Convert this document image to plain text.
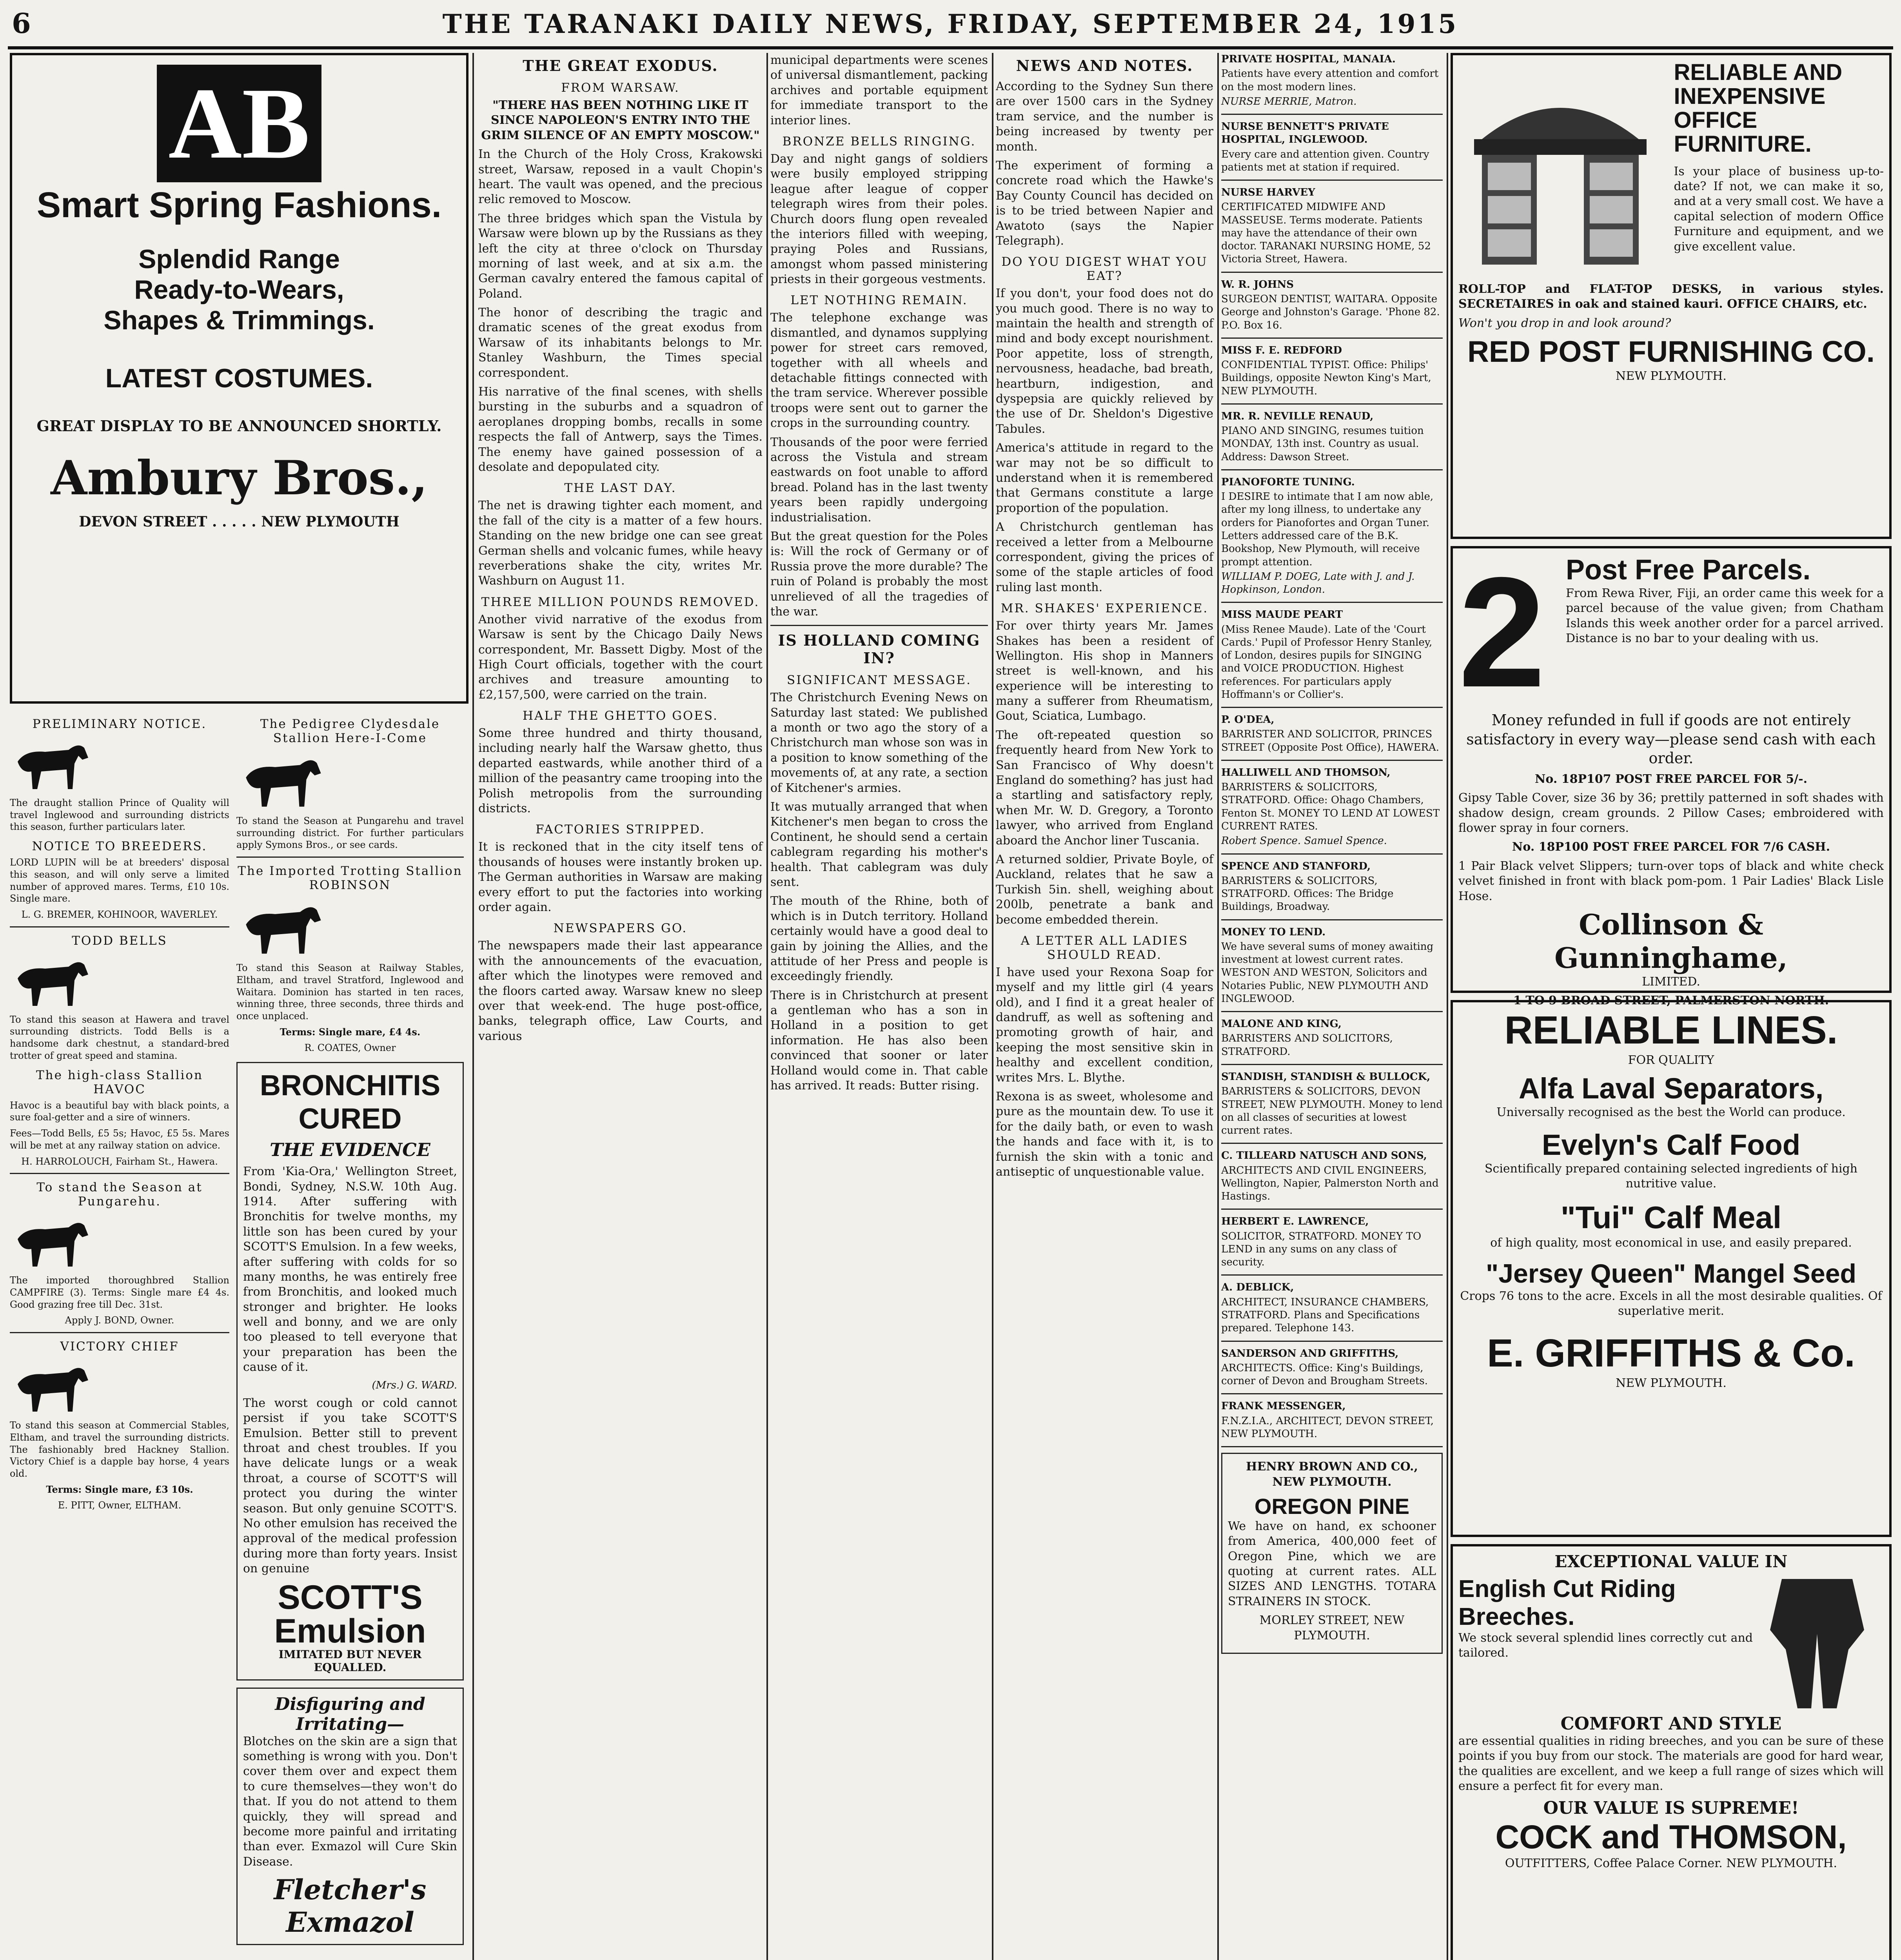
6	THE TARANAKI DAILY NEWS, FRIDAY, SEPTEMBER 24, 1915
AB
Smart Spring Fashions.
Splendid Range
Ready-to-Wears,
Shapes & Trimmings.
LATEST COSTUMES.
GREAT DISPLAY TO BE ANNOUNCED SHORTLY.
Ambury Bros.,
DEVON STREET . . . . . NEW PLYMOUTH
PRELIMINARY NOTICE.

The draught stallion Prince of Quality will travel Inglewood and surrounding districts this season, further particulars later.

NOTICE TO BREEDERS.

LORD LUPIN will be at breeders' disposal this season, and will only serve a limited number of approved mares. Terms, £10 10s. Single mare.

L. G. BREMER, KOHINOOR, WAVERLEY.

TODD BELLS

To stand this season at Hawera and travel surrounding districts. Todd Bells is a handsome dark chestnut, a standard-bred trotter of great speed and stamina.

The high-class Stallion HAVOC

Havoc is a beautiful bay with black points, a sure foal-getter and a sire of winners.

Fees—Todd Bells, £5 5s; Havoc, £5 5s. Mares will be met at any railway station on advice.

H. HARROLOUCH, Fairham St., Hawera.

To stand the Season at Pungarehu.

The imported thoroughbred Stallion CAMPFIRE (3). Terms: Single mare £4 4s. Good grazing free till Dec. 31st.

Apply J. BOND, Owner.

VICTORY CHIEF

To stand this season at Commercial Stables, Eltham, and travel the surrounding districts. The fashionably bred Hackney Stallion. Victory Chief is a dapple bay horse, 4 years old.

Terms: Single mare, £3 10s.

E. PITT, Owner, ELTHAM.

The Pedigree Clydesdale Stallion Here-I-Come

To stand the Season at Pungarehu and travel surrounding district. For further particulars apply Symons Bros., or see cards.

The Imported Trotting Stallion ROBINSON

To stand this Season at Railway Stables, Eltham, and travel Stratford, Inglewood and Waitara. Dominion has started in ten races, winning three, three seconds, three thirds and once unplaced.

Terms: Single mare, £4 4s.

R. COATES, Owner

BRONCHITIS CURED
THE EVIDENCE

From 'Kia-Ora,' Wellington Street, Bondi, Sydney, N.S.W. 10th Aug. 1914. After suffering with Bronchitis for twelve months, my little son has been cured by your SCOTT'S Emulsion. In a few weeks, after suffering with colds for so many months, he was entirely free from Bronchitis, and looked much stronger and brighter. He looks well and bonny, and we are only too pleased to tell everyone that your preparation has been the cause of it.

(Mrs.) G. WARD.

The worst cough or cold cannot persist if you take SCOTT'S Emulsion. Better still to prevent throat and chest troubles. If you have delicate lungs or a weak throat, a course of SCOTT'S will protect you during the winter season. But only genuine SCOTT'S. No other emulsion has received the approval of the medical profession during more than forty years. Insist on genuine

SCOTT'S Emulsion
IMITATED BUT NEVER EQUALLED.
Disfiguring and Irritating—

Blotches on the skin are a sign that something is wrong with you. Don't cover them over and expect them to cure themselves—they won't do that. If you do not attend to them quickly, they will spread and become more painful and irritating than ever. Exmazol will Cure Skin Disease.

Fletcher's Exmazol
THE GREAT EXODUS.
FROM WARSAW.

"THERE HAS BEEN NOTHING LIKE IT SINCE NAPOLEON'S ENTRY INTO THE GRIM SILENCE OF AN EMPTY MOSCOW."

In the Church of the Holy Cross, Krakowski street, Warsaw, reposed in a vault Chopin's heart. The vault was opened, and the precious relic removed to Moscow.

The three bridges which span the Vistula by Warsaw were blown up by the Russians as they left the city at three o'clock on Thursday morning of last week, and at six a.m. the German cavalry entered the famous capital of Poland.

The honor of describing the tragic and dramatic scenes of the great exodus from Warsaw of its inhabitants belongs to Mr. Stanley Washburn, the Times special correspondent.

His narrative of the final scenes, with shells bursting in the suburbs and a squadron of aeroplanes dropping bombs, recalls in some respects the fall of Antwerp, says the Times. The enemy have gained possession of a desolate and depopulated city.

THE LAST DAY.

The net is drawing tighter each moment, and the fall of the city is a matter of a few hours. Standing on the new bridge one can see great German shells and volcanic fumes, while heavy reverberations shake the city, writes Mr. Washburn on August 11.

THREE MILLION POUNDS REMOVED.

Another vivid narrative of the exodus from Warsaw is sent by the Chicago Daily News correspondent, Mr. Bassett Digby. Most of the High Court officials, together with the court archives and treasure amounting to £2,157,500, were carried on the train.

HALF THE GHETTO GOES.

Some three hundred and thirty thousand, including nearly half the Warsaw ghetto, thus departed eastwards, while another third of a million of the peasantry came trooping into the Polish metropolis from the surrounding districts.

FACTORIES STRIPPED.

It is reckoned that in the city itself tens of thousands of houses were instantly broken up. The German authorities in Warsaw are making every effort to put the factories into working order again.

NEWSPAPERS GO.

The newspapers made their last appearance with the announcements of the evacuation, after which the linotypes were removed and the floors carted away. Warsaw knew no sleep over that week-end. The huge post-office, banks, telegraph office, Law Courts, and various

municipal departments were scenes of universal dismantlement, packing archives and portable equipment for immediate transport to the interior lines.

BRONZE BELLS RINGING.

Day and night gangs of soldiers were busily employed stripping league after league of copper telegraph wires from their poles. Church doors flung open revealed the interiors filled with weeping, praying Poles and Russians, amongst whom passed ministering priests in their gorgeous vestments.

LET NOTHING REMAIN.

The telephone exchange was dismantled, and dynamos supplying power for street cars removed, together with all wheels and detachable fittings connected with the tram service. Wherever possible troops were sent out to garner the crops in the surrounding country.

Thousands of the poor were ferried across the Vistula and stream eastwards on foot unable to afford bread. Poland has in the last twenty years been rapidly undergoing industrialisation.

But the great question for the Poles is: Will the rock of Germany or of Russia prove the more durable? The ruin of Poland is probably the most unrelieved of all the tragedies of the war.

IS HOLLAND COMING IN?
SIGNIFICANT MESSAGE.

The Christchurch Evening News on Saturday last stated: We published a month or two ago the story of a Christchurch man whose son was in a position to know something of the movements of, at any rate, a section of Kitchener's armies.

It was mutually arranged that when Kitchener's men began to cross the Continent, he should send a certain cablegram regarding his mother's health. That cablegram was duly sent.

The mouth of the Rhine, both of which is in Dutch territory. Holland certainly would have a good deal to gain by joining the Allies, and the attitude of her Press and people is exceedingly friendly.

There is in Christchurch at present a gentleman who has a son in Holland in a position to get information. He has also been convinced that sooner or later Holland would come in. That cable has arrived. It reads: Butter rising.

NEWS AND NOTES.

According to the Sydney Sun there are over 1500 cars in the Sydney tram service, and the number is being increased by twenty per month.

The experiment of forming a concrete road which the Hawke's Bay County Council has decided on is to be tried between Napier and Awatoto (says the Napier Telegraph).

DO YOU DIGEST WHAT YOU EAT?

If you don't, your food does not do you much good. There is no way to maintain the health and strength of mind and body except nourishment. Poor appetite, loss of strength, nervousness, headache, bad breath, heartburn, indigestion, and dyspepsia are quickly relieved by the use of Dr. Sheldon's Digestive Tabules.

America's attitude in regard to the war may not be so difficult to understand when it is remembered that Germans constitute a large proportion of the population.

A Christchurch gentleman has received a letter from a Melbourne correspondent, giving the prices of some of the staple articles of food ruling last month.

MR. SHAKES' EXPERIENCE.

For over thirty years Mr. James Shakes has been a resident of Wellington. His shop in Manners street is well-known, and his experience will be interesting to many a sufferer from Rheumatism, Gout, Sciatica, Lumbago.

The oft-repeated question so frequently heard from New York to San Francisco of Why doesn't England do something? has just had a startling and satisfactory reply, when Mr. W. D. Gregory, a Toronto lawyer, who arrived from England aboard the Anchor liner Tuscania.

A returned soldier, Private Boyle, of Auckland, relates that he saw a Turkish 5in. shell, weighing about 200lb, penetrate a bank and become embedded therein.

A LETTER ALL LADIES SHOULD READ.

I have used your Rexona Soap for myself and my little girl (4 years old), and I find it a great healer of dandruff, as well as softening and promoting growth of hair, and keeping the most sensitive skin in healthy and excellent condition, writes Mrs. L. Blythe.

Rexona is as sweet, wholesome and pure as the mountain dew. To use it for the daily bath, or even to wash the hands and face with it, is to furnish the skin with a tonic and antiseptic of unquestionable value.

PRIVATE HOSPITAL, MANAIA.

Patients have every attention and comfort on the most modern lines.

NURSE MERRIE, Matron.

NURSE BENNETT'S PRIVATE HOSPITAL, INGLEWOOD.

Every care and attention given. Country patients met at station if required.

NURSE HARVEY

CERTIFICATED MIDWIFE AND MASSEUSE. Terms moderate. Patients may have the attendance of their own doctor. TARANAKI NURSING HOME, 52 Victoria Street, Hawera.

W. R. JOHNS

SURGEON DENTIST, WAITARA. Opposite George and Johnston's Garage. 'Phone 82. P.O. Box 16.

MISS F. E. REDFORD

CONFIDENTIAL TYPIST. Office: Philips' Buildings, opposite Newton King's Mart, NEW PLYMOUTH.

MR. R. NEVILLE RENAUD,

PIANO AND SINGING, resumes tuition MONDAY, 13th inst. Country as usual. Address: Dawson Street.

PIANOFORTE TUNING.

I DESIRE to intimate that I am now able, after my long illness, to undertake any orders for Pianofortes and Organ Tuner. Letters addressed care of the B.K. Bookshop, New Plymouth, will receive prompt attention.

WILLIAM P. DOEG, Late with J. and J. Hopkinson, London.

MISS MAUDE PEART

(Miss Renee Maude). Late of the 'Court Cards.' Pupil of Professor Henry Stanley, of London, desires pupils for SINGING and VOICE PRODUCTION. Highest references. For particulars apply Hoffmann's or Collier's.

P. O'DEA,

BARRISTER AND SOLICITOR, PRINCES STREET (Opposite Post Office), HAWERA.

HALLIWELL AND THOMSON,

BARRISTERS & SOLICITORS, STRATFORD. Office: Ohago Chambers, Fenton St. MONEY TO LEND AT LOWEST CURRENT RATES.

Robert Spence. Samuel Spence.

SPENCE AND STANFORD,

BARRISTERS & SOLICITORS, STRATFORD. Offices: The Bridge Buildings, Broadway.

MONEY TO LEND.

We have several sums of money awaiting investment at lowest current rates. WESTON AND WESTON, Solicitors and Notaries Public, NEW PLYMOUTH AND INGLEWOOD.

MALONE AND KING,

BARRISTERS AND SOLICITORS, STRATFORD.

STANDISH, STANDISH & BULLOCK,

BARRISTERS & SOLICITORS, DEVON STREET, NEW PLYMOUTH. Money to lend on all classes of securities at lowest current rates.

C. TILLEARD NATUSCH AND SONS,

ARCHITECTS AND CIVIL ENGINEERS, Wellington, Napier, Palmerston North and Hastings.

HERBERT E. LAWRENCE,

SOLICITOR, STRATFORD. MONEY TO LEND in any sums on any class of security.

A. DEBLICK,

ARCHITECT, INSURANCE CHAMBERS, STRATFORD. Plans and Specifications prepared. Telephone 143.

SANDERSON AND GRIFFITHS,

ARCHITECTS. Office: King's Buildings, corner of Devon and Brougham Streets.

FRANK MESSENGER,

F.N.Z.I.A., ARCHITECT, DEVON STREET, NEW PLYMOUTH.

HENRY BROWN AND CO., NEW PLYMOUTH.

OREGON PINE

We have on hand, ex schooner from America, 400,000 feet of Oregon Pine, which we are quoting at current rates. ALL SIZES AND LENGTHS. TOTARA STRAINERS IN STOCK.

MORLEY STREET, NEW PLYMOUTH.

RELIABLE AND INEXPENSIVE OFFICE FURNITURE.

Is your place of business up-to-date? If not, we can make it so, and at a very small cost. We have a capital selection of modern Office Furniture and equipment, and we give excellent value.

ROLL-TOP and FLAT-TOP DESKS, in various styles. SECRETAIRES in oak and stained kauri. OFFICE CHAIRS, etc.

Won't you drop in and look around?

RED POST FURNISHING CO.

NEW PLYMOUTH.

2 Post Free Parcels.

From Rewa River, Fiji, an order came this week for a parcel because of the value given; from Chatham Islands this week another order for a parcel arrived. Distance is no bar to your dealing with us.

Money refunded in full if goods are not entirely satisfactory in every way—please send cash with each order.

No. 18P107 POST FREE PARCEL FOR 5/-.

Gipsy Table Cover, size 36 by 36; prettily patterned in soft shades with shadow design, cream grounds. 2 Pillow Cases; embroidered with flower spray in four corners.

No. 18P100 POST FREE PARCEL FOR 7/6 CASH.

1 Pair Black velvet Slippers; turn-over tops of black and white check velvet finished in front with black pom-pom. 1 Pair Ladies' Black Lisle Hose.

Collinson & Gunninghame,

LIMITED.

1 TO 9 BROAD STREET, PALMERSTON NORTH.

RELIABLE LINES.

FOR QUALITY

Alfa Laval Separators,

Universally recognised as the best the World can produce.

Evelyn's Calf Food

Scientifically prepared containing selected ingredients of high nutritive value.

"Tui" Calf Meal

of high quality, most economical in use, and easily prepared.

"Jersey Queen" Mangel Seed

Crops 76 tons to the acre. Excels in all the most desirable qualities. Of superlative merit.

E. GRIFFITHS & Co.

NEW PLYMOUTH.

EXCEPTIONAL VALUE IN
English Cut Riding Breeches.

We stock several splendid lines correctly cut and tailored.

COMFORT AND STYLE

are essential qualities in riding breeches, and you can be sure of these points if you buy from our stock. The materials are good for hard wear, the qualities are excellent, and we keep a full range of sizes which will ensure a perfect fit for every man.

OUR VALUE IS SUPREME!
COCK and THOMSON,

OUTFITTERS, Coffee Palace Corner. NEW PLYMOUTH.
